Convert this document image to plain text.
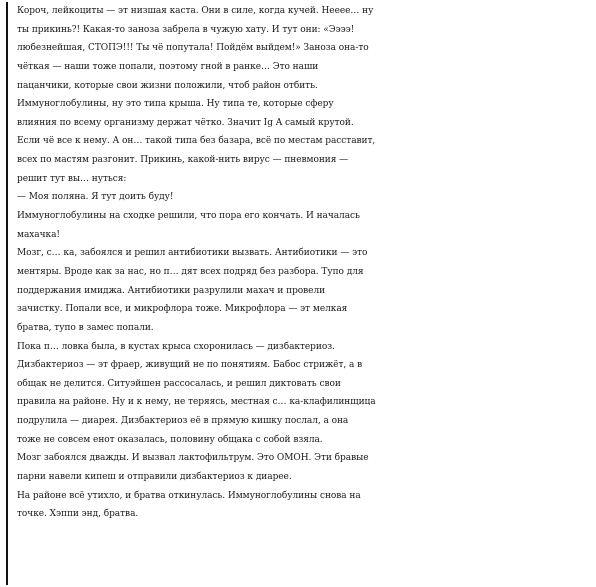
Короч, лейкоциты — эт низшая каста. Они в силе, когда кучей. Нееее… ну
ты прикинь?! Какая-то заноза забрела в чужую хату. И тут они: «Ээээ!
любезнейшая, СТОПЭ!!! Ты чё попутала! Пойдём выйдем!» Заноза она-то
чёткая — наши тоже попали, поэтому гной в ранке… Это наши
пацанчики, которые свои жизни положили, чтоб район отбить.
Иммуноглобулины, ну это типа крыша. Ну типа те, которые сферу
влияния по всему организму держат чётко. Значит Ig A самый крутой.
Если чё все к нему. А он… такой типа без базара, всё по местам расставит,
всех по мастям разгонит. Прикинь, какой-нить вирус — пневмония —
решит тут вы… нуться:
— Моя поляна. Я тут доить буду!
Иммуноглобулины на сходке решили, что пора его кончать. И началась
махачка!
Мозг, с… ка, забоялся и решил антибиотики вызвать. Антибиотики — это
ментяры. Вроде как за нас, но п… дят всех подряд без разбора. Тупо для
поддержания имиджа. Антибиотики разрулили махач и провели
зачистку. Попали все, и микрофлора тоже. Микрофлора — эт мелкая
братва, тупо в замес попали.
Пока п… ловка была, в кустах крыса схоронилась — дизбактериоз.
Дизбактериоз — эт фраер, живущий не по понятиям. Бабос стрижёт, а в
общак не делится. Ситуэйшен рассосалась, и решил диктовать свои
правила на районе. Ну и к нему, не теряясь, местная с… ка-клафилинщица
подрулила — диарея. Дизбактериоз её в прямую кишку послал, а она
тоже не совсем енот оказалась, половину общака с собой взяла.
Мозг забоялся дважды. И вызвал лактофильтрум. Это ОМОН. Эти бравые
парни навели кипеш и отправили дизбактериоз к диарее.
На районе всё утихло, и братва откинулась. Иммуноглобулины снова на
точке. Хэппи энд, братва.
